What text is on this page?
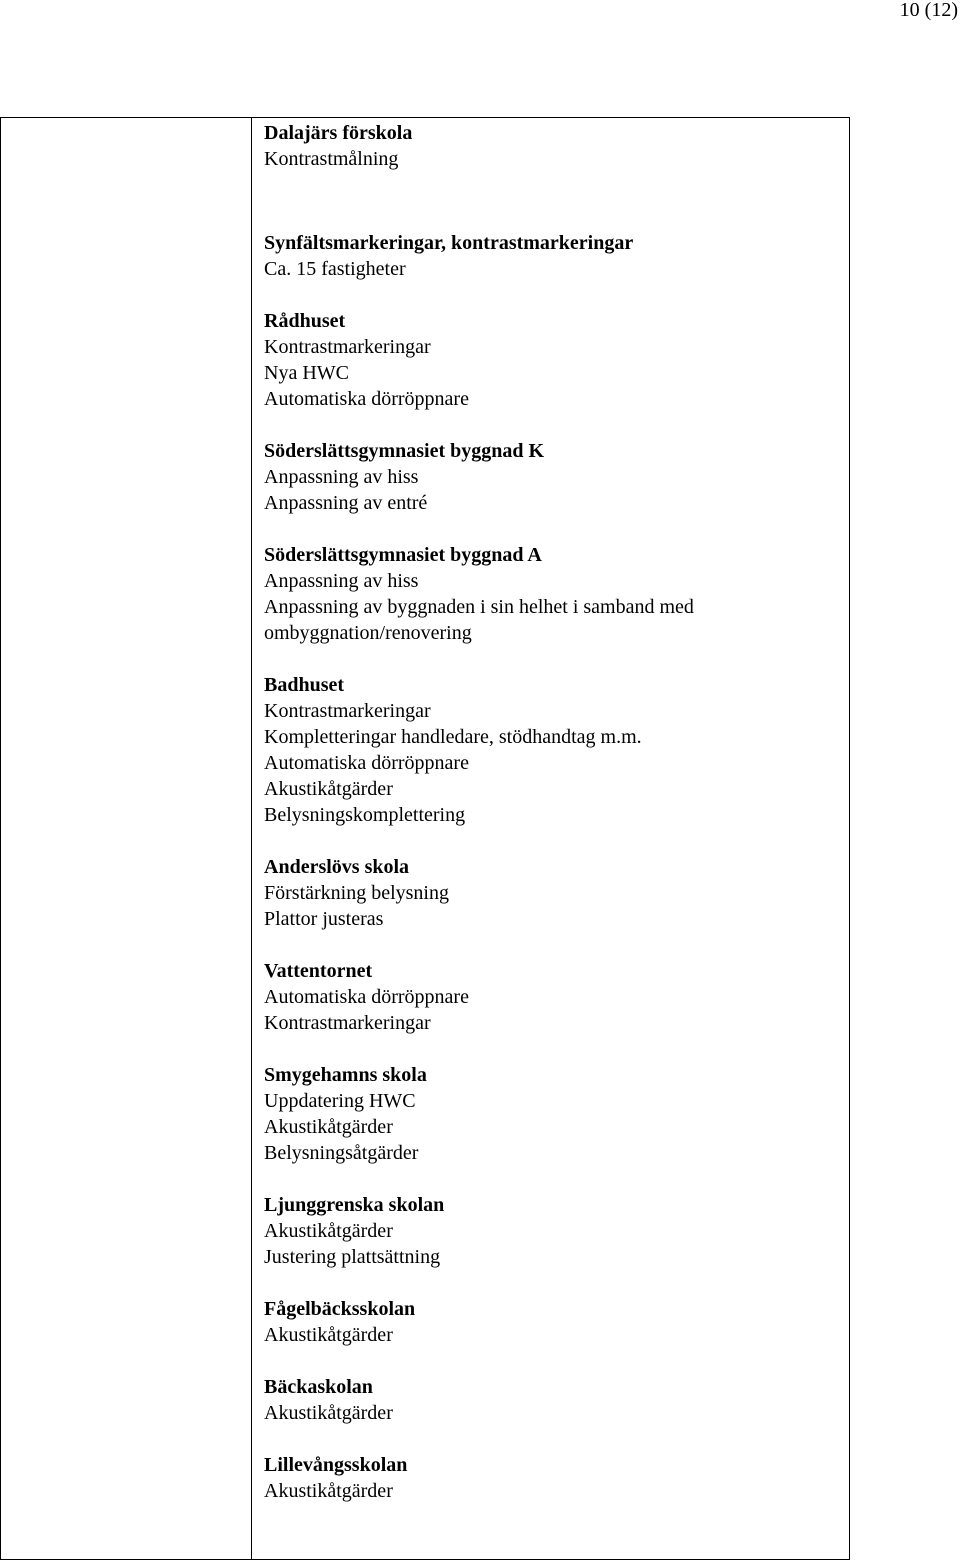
10 (12)
Dalajärs förskola
Kontrastmålning
Synfältsmarkeringar, kontrastmarkeringar
Ca. 15 fastigheter
Rådhuset
Kontrastmarkeringar
Nya HWC
Automatiska dörröppnare
Söderslättsgymnasiet byggnad K
Anpassning av hiss
Anpassning av entré
Söderslättsgymnasiet byggnad A
Anpassning av hiss
Anpassning av byggnaden i sin helhet i samband med
ombyggnation/renovering
Badhuset
Kontrastmarkeringar
Kompletteringar handledare, stödhandtag m.m.
Automatiska dörröppnare
Akustikåtgärder
Belysningskomplettering
Anderslövs skola
Förstärkning belysning
Plattor justeras
Vattentornet
Automatiska dörröppnare
Kontrastmarkeringar
Smygehamns skola
Uppdatering HWC
Akustikåtgärder
Belysningsåtgärder
Ljunggrenska skolan
Akustikåtgärder
Justering plattsättning
Fågelbäcksskolan
Akustikåtgärder
Bäckaskolan
Akustikåtgärder
Lillevångsskolan
Akustikåtgärder
